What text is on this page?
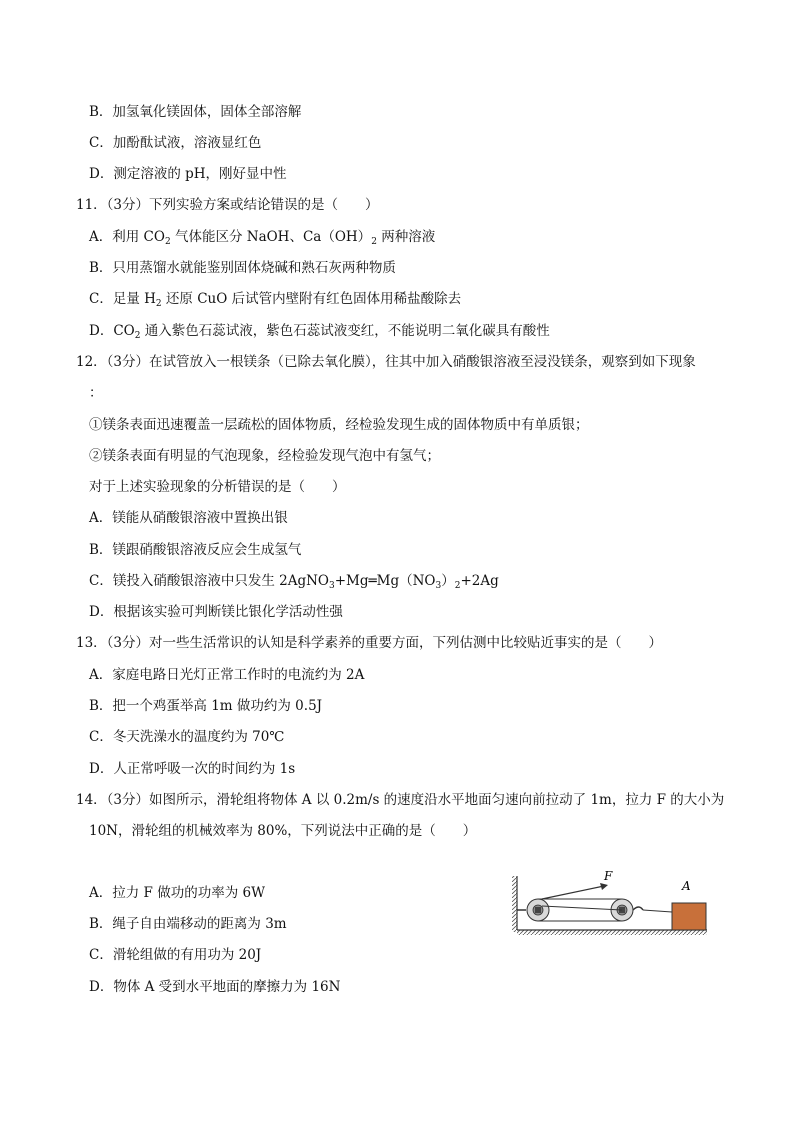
B．加氢氧化镁固体，固体全部溶解
C．加酚酞试液，溶液显红色
D．测定溶液的 pH，刚好显中性
11．（3分）下列实验方案或结论错误的是（　　）
A．利用 $CO_2$ 气体能区分 NaOH、$Ca(OH)_2$ 两种溶液
B．只用蒸馏水就能鉴别固体烧碱和熟石灰两种物质
C．足量 $H_2$ 还原 CuO 后试管内壁附有红色固体用稀盐酸除去
D．$CO_2$ 通入紫色石蕊试液，紫色石蕊试液变红，不能说明二氧化碳具有酸性
12．（3分）在试管放入一根镁条（已除去氧化膜），往其中加入硝酸银溶液至浸没镁条，观察到如下现象
：
①镁条表面迅速覆盖一层疏松的固体物质，经检验发现生成的固体物质中有单质银；
②镁条表面有明显的气泡现象，经检验发现气泡中有氢气；
对于上述实验现象的分析错误的是（　　）
A．镁能从硝酸银溶液中置换出银
B．镁跟硝酸银溶液反应会生成氢气
C．镁投入硝酸银溶液中只发生 $2AgNO_3+Mg═Mg(NO_3)_2+2Ag$
D．根据该实验可判断镁比银化学活动性强
13．（3分）对一些生活常识的认知是科学素养的重要方面，下列估测中比较贴近事实的是（　　）
A．家庭电路日光灯正常工作时的电流约为 2A
B．把一个鸡蛋举高 1m 做功约为 0.5J
C．冬天洗澡水的温度约为 70℃
D．人正常呼吸一次的时间约为 1s
14．（3分）如图所示，滑轮组将物体 A 以 0.2m/s 的速度沿水平地面匀速向前拉动了 1m，拉力 F 的大小为
10N，滑轮组的机械效率为 80%，下列说法中正确的是（　　）
A．拉力 F 做功的功率为 6W
B．绳子自由端移动的距离为 3m
C．滑轮组做的有用功为 20J
D．物体 A 受到水平地面的摩擦力为 16N
F
A
